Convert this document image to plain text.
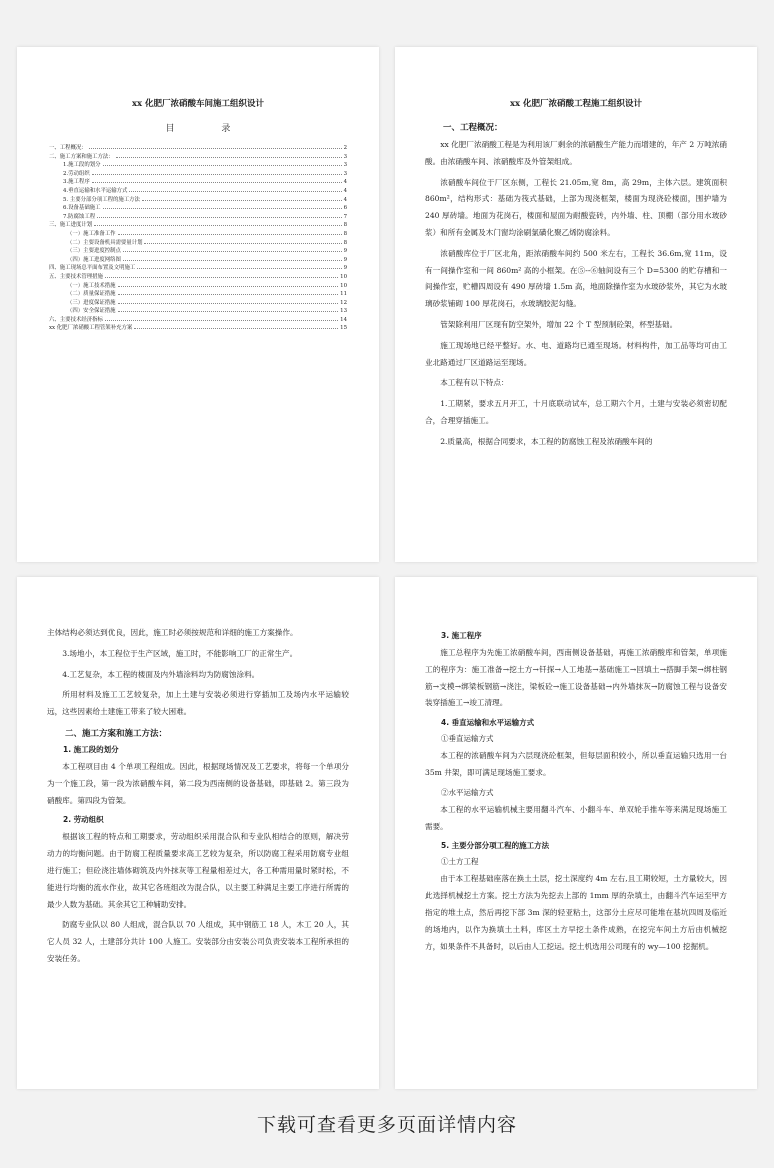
xx 化肥厂浓硝酸车间施工组织设计
目 录
一、工程概况：	2
二、施工方案和施工方法：	3
1.施工段的划分	3
2.劳动组织	3
3.施工程序	4
4.垂直运输和水平运输方式	4
5. 主要分部分项工程的施工方法	4
6.设备基础施工	6
7.防腐蚀工程	7
三、施工进度计划	8
（一）施工准备工作	8
（二）主要设备机具需要量计划	8
（三）主要进度控制点	9
（四）施工进度网络图	9
四、施工现场总平面布置及文明施工	9
五、主要技术管理措施	10
（一）施工技术措施	10
（二）质量保证措施	11
（三）进度保证措施	12
（四）安全保证措施	13
六、主要技术经济指标	14
xx 化肥厂浓硝酸工程管架补充方案	15
xx 化肥厂浓硝酸工程施工组织设计
一、工程概况：

xx 化肥厂浓硝酸工程是为利用该厂剩余的浓硝酸生产能力而增建的，年产 2 万吨浓硝酸。由浓硝酸车间、浓硝酸库及外管架组成。

浓硝酸车间位于厂区东侧，工程长 21.05m,宽 8m，高 29m，主体六层。建筑面积 860m²，结构形式：基础为筏式基础，上部为现浇框架，楼面为现浇砼楼面，围护墙为 240 厚砖墙。地面为花岗石，楼面和屋面为耐酸瓷砖，内外墙、柱、顶棚（部分用水玻砂浆）和所有金属及木门窗均涂刷氯磺化聚乙烯防腐涂料。

浓硝酸库位于厂区北角，距浓硝酸车间约 500 米左右，工程长 36.6m,宽 11m，设有一间操作室和一间 860m² 高的小框架。在⑤--⑥轴间设有三个 D=5300 的贮存槽和一间操作室，贮槽四周设有 490 厚砖墙 1.5m 高，地面除操作室为水玻砂浆外，其它为水玻璃砂浆铺砌 100 厚花岗石，水玻璃胶泥勾缝。

管架除利用厂区现有防空架外，增加 22 个 T 型预制砼架，杯型基础。

施工现场地已经平整好。水、电、道路均已通至现场。材料构件，加工品等均可由工业北路通过厂区道路运至现场。

本工程有以下特点：

1.工期紧，要求五月开工，十月底联动试车，总工期六个月，土建与安装必须密切配合，合理穿插施工。

2.质量高，根据合同要求，本工程的防腐蚀工程及浓硝酸车间的

主体结构必须达到优良，因此，施工时必须按规范和详细的施工方案操作。

3.场地小，本工程位于生产区域，施工时，不能影响工厂的正常生产。

4.工艺复杂，本工程的楼面及内外墙涂料均为防腐蚀涂料。

所用材料及施工工艺较复杂，加上土建与安装必须进行穿插加工及场内水平运输较远，这些因素给土建施工带来了较大困难。

二、施工方案和施工方法：
1. 施工段的划分

本工程项目由 4 个单项工程组成。因此，根据现场情况及工艺要求，将每一个单项分为一个施工段，第一段为浓硝酸车间，第二段为西南侧的设备基础，即基础 2。第三段为硝酸库。第四段为管架。

2. 劳动组织

根据该工程的特点和工期要求，劳动组织采用混合队和专业队相结合的原则，解决劳动力的均衡问题。由于防腐工程质量要求高工艺较为复杂，所以防腐工程采用防腐专业组进行施工；但砼浇注墙体砌筑及内外抹灰等工程量相差过大，各工种需用量时紧时松，不能进行均衡的流水作业，故其它各班组改为混合队，以主要工种满足主要工序进行所需的最少人数为基础。其余其它工种辅助安排。

防腐专业队以 80 人组成，混合队以 70 人组成，其中钢筋工 18 人，木工 20 人，其它人员 32 人，土建部分共计 100 人施工。安装部分由安装公司负责安装本工程所承担的安装任务。

3. 施工程序

施工总程序为先施工浓硝酸车间，西南侧设备基础，再施工浓硝酸库和管架，单项施工的程序为：施工准备→挖土方→钎探→人工地基→基础施工→回填土→搭脚手架→绑柱钢筋→支模→绑梁板钢筋→浇注，梁板砼→施工设备基础→内外墙抹灰→防腐蚀工程与设备安装穿插施工→竣工清理。

4. 垂直运输和水平运输方式
①垂直运输方式

本工程的浓硝酸车间为六层现浇砼框架，但每层面积较小，所以垂直运输只选用一台 35m 井架，即可满足现场施工要求。

②水平运输方式

本工程的水平运输机械主要用翻斗汽车、小翻斗车、单双轮手推车等来满足现场施工需要。

5. 主要分部分项工程的施工方法
①土方工程

由于本工程基础座落在换土土层，挖土深度约 4m 左右,且工期较短，土方量较大，因此选择机械挖土方案。挖土方法为先挖去上部的 1mm 厚的杂填土，由翻斗汽车运至甲方指定的堆土点，然后再挖下部 3m 深的轻亚粘土，这部分土应尽可能堆在基坑四周及临近的场地内，以作为换填土土料，库区土方早挖土条件成熟，在挖完车间土方后由机械挖方，如果条件不具备时，以后由人工挖运。挖土机选用公司现有的 wy—100 挖掘机。

下载可查看更多页面详情内容
